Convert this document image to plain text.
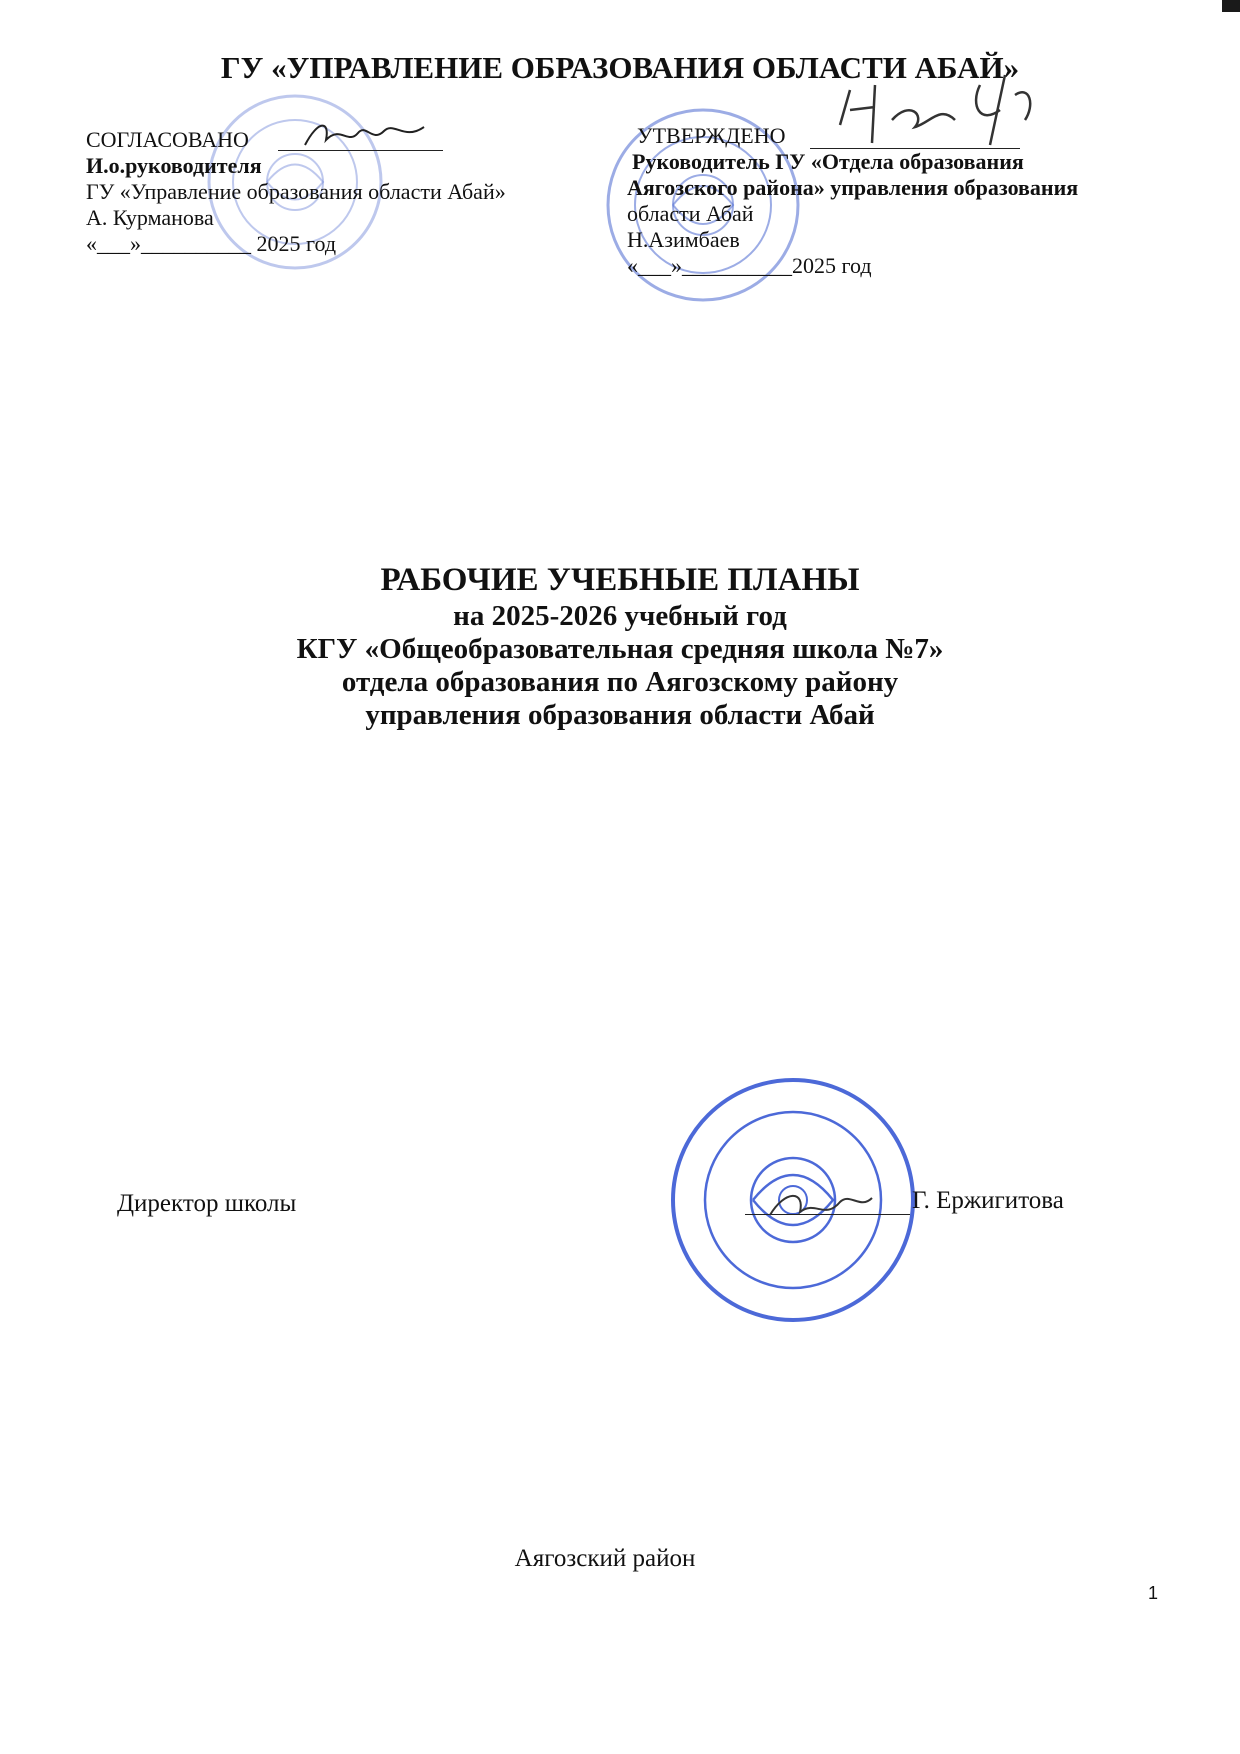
ГУ «УПРАВЛЕНИЕ ОБРАЗОВАНИЯ ОБЛАСТИ АБАЙ»
СОГЛАСОВАНО
И.о.руководителя
ГУ «Управление образования области Абай»
А. Курманова
«___»__________ 2025 год
УТВЕРЖДЕНО
Руководитель ГУ «Отдела образования
Аягозского района» управления образования
области Абай
Н.Азимбаев
«___»__________2025 год
РАБОЧИЕ УЧЕБНЫЕ ПЛАНЫ
на 2025-2026 учебный год
КГУ «Общеобразовательная средняя школа №7»
отдела образования по Аягозскому району
управления образования области Абай
Директор школы	Г. Ержигитова
Аягозский район
1
